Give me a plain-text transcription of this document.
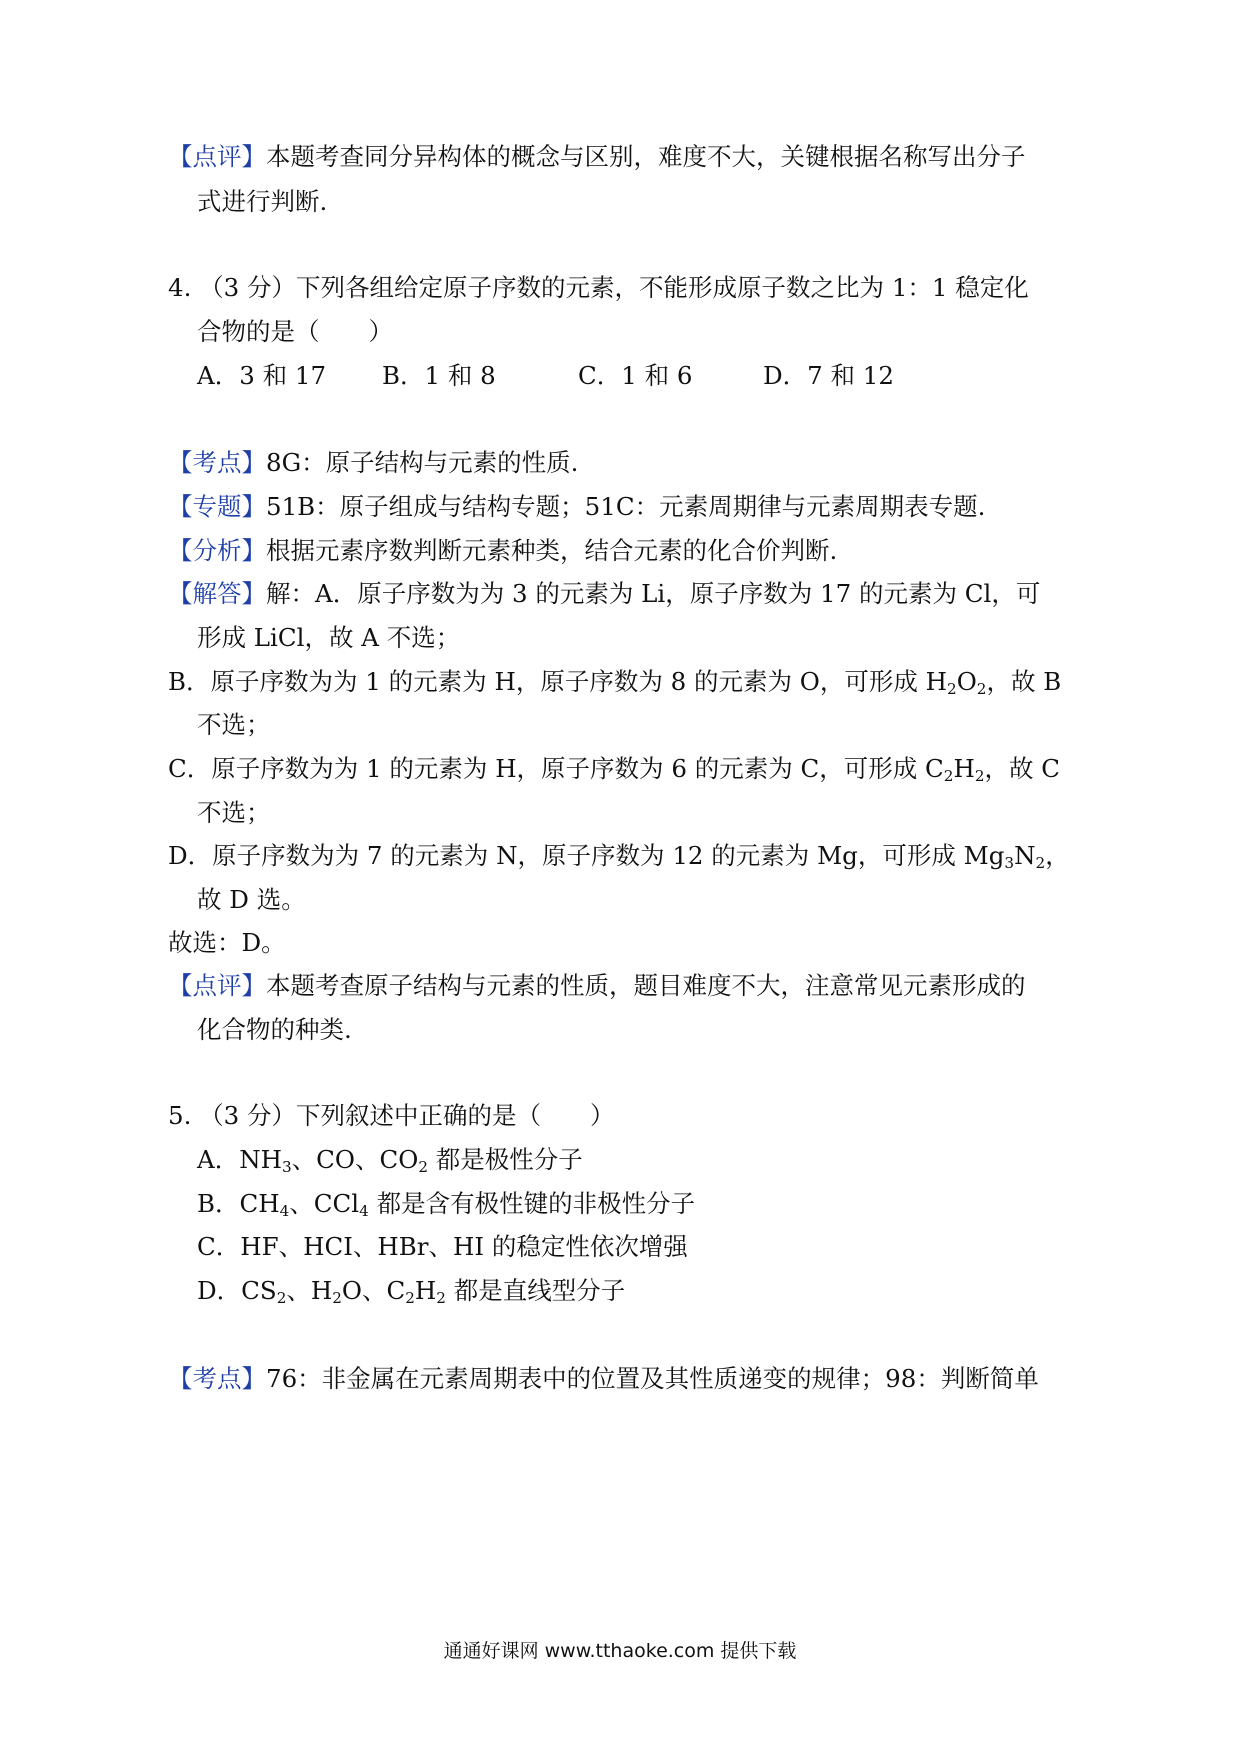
【点评】本题考查同分异构体的概念与区别，难度不大，关键根据名称写出分子
式进行判断.
4. （3 分）下列各组给定原子序数的元素，不能形成原子数之比为 1：1 稳定化
合物的是（　　）
A．3 和 17 B．1 和 8	C．1 和 6	D．7 和 12
【考点】8G：原子结构与元素的性质.
【专题】51B：原子组成与结构专题；51C：元素周期律与元素周期表专题.
【分析】根据元素序数判断元素种类，结合元素的化合价判断.
【解答】解：A．原子序数为为 3 的元素为 Li，原子序数为 17 的元素为 Cl，可
形成 LiCl，故 A 不选；
B．原子序数为为 1 的元素为 H，原子序数为 8 的元素为 O，可形成 $H_2O_2$，故 B
不选；
C．原子序数为为 1 的元素为 H，原子序数为 6 的元素为 C，可形成 $C_2H_2$，故 C
不选；
D．原子序数为为 7 的元素为 N，原子序数为 12 的元素为 Mg，可形成 $Mg_3N_2$，
故 D 选。
故选：D。
【点评】本题考查原子结构与元素的性质，题目难度不大，注意常见元素形成的
化合物的种类.
5. （3 分）下列叙述中正确的是（　　）
A．$NH_3$、CO、$CO_2$ 都是极性分子
B．$CH_4$、CCl$_4$ 都是含有极性键的非极性分子
C．HF、HCI、HBr、HI 的稳定性依次增强
D．$CS_2$、$H_2O$、$C_2H_2$ 都是直线型分子
【考点】76：非金属在元素周期表中的位置及其性质递变的规律；98：判断简单
通通好课网 www.tthaoke.com 提供下载
